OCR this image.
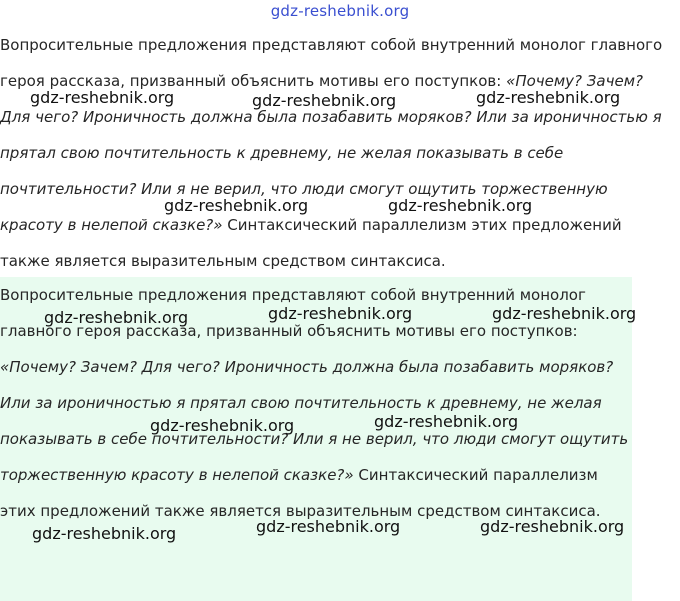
gdz-reshebnik.org

Вопросительные предложения представляют собой внутренний монолог главного героя рассказа, призванный объяснить мотивы его поступков: «Почему? Зачем? Для чего? Ироничность должна была позабавить моряков? Или за ироничностью я прятал свою почтительность к древнему, не желая показывать в себе почтительности? Или я не верил, что люди смогут ощутить торжественную красоту в нелепой сказке?» Синтаксический параллелизм этих предложений также является выразительным средством синтаксиса.

Вопросительные предложения представляют собой внутренний монолог главного героя рассказа, призванный объяснить мотивы его поступков: «Почему? Зачем? Для чего? Ироничность должна была позабавить моряков? Или за ироничностью я прятал свою почтительность к древнему, не желая показывать в себе почтительности? Или я не верил, что люди смогут ощутить торжественную красоту в нелепой сказке?» Синтаксический параллелизм этих предложений также является выразительным средством синтаксиса.

gdz-reshebnik.org	gdz-reshebnik.org	gdz-reshebnik.org
gdz-reshebnik.org	gdz-reshebnik.org
gdz-reshebnik.org	gdz-reshebnik.org	gdz-reshebnik.org
gdz-reshebnik.org	gdz-reshebnik.org
gdz-reshebnik.org	gdz-reshebnik.org	gdz-reshebnik.org
